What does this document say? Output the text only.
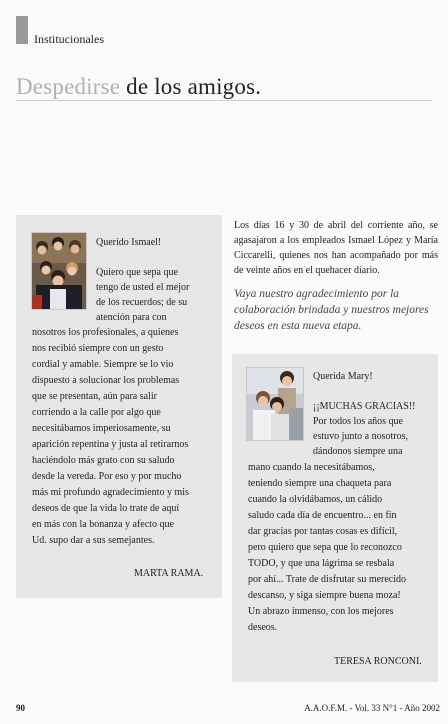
Institucionales
Despedirse de los amigos.

Querido Ismael!

Quiero que sepa que

tengo de usted el mejor

de los recuerdos; de su

atención para con

nosotros los profesionales, a quienes

nos recibió siempre con un gesto

cordial y amable. Siempre se lo vio

dispuesto a solucionar los problemas

que se presentan, aún para salir

corriendo a la calle por algo que

necesitábamos imperiosamente, su

aparición repentina y justa al retirarnos

haciéndolo más grato con su saludo

desde la vereda. Por eso y por mucho

más mi profundo agradecimiento y mis

deseos de que la vida lo trate de aquí

en más con la bonanza y afecto que

Ud. supo dar a sus semejantes.

MARTA RAMA.

Los días 16 y 30 de abril del corriente año, se agasajaron a los empleados Ismael López y María Ciccarelli, quienes nos han acompañado por más de veinte años en el quehacer diario.
Vaya nuestro agradecimiento por la colaboración brindada y nuestros mejores deseos en esta nueva etapa.

Querida Mary!

¡¡MUCHAS GRACIAS!!

Por todos los años que

estuvo junto a nosotros,

dándonos siempre una

mano cuando la necesitábamos,

teniendo siempre una chaqueta para

cuando la olvidábamos, un cálido

saludo cada día de encuentro... en fin

dar gracias por tantas cosas es difícil,

pero quiero que sepa que lo reconozco

TODO, y que una lágrima se resbala

por ahí... Trate de disfrutar su merecido

descanso, y siga siempre buena moza!

Un abrazo inmenso, con los mejores

deseos.

TERESA RONCONI.

90	A.A.O.F.M. - Vol. 33 N°1 - Año 2002
